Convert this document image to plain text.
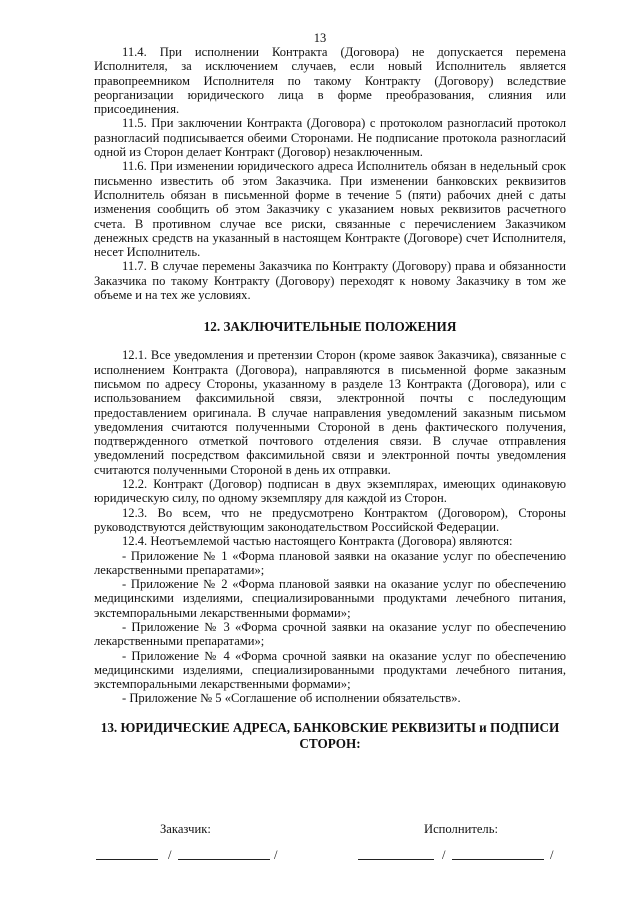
13

11.4. При исполнении Контракта (Договора) не допускается перемена Исполнителя, за исключением случаев, если новый Исполнитель является правопреемником Исполнителя по такому Контракту (Договору) вследствие реорганизации юридического лица в форме преобразования, слияния или присоединения.

11.5. При заключении Контракта (Договора) с протоколом разногласий протокол разногласий подписывается обеими Сторонами. Не подписание протокола разногласий одной из Сторон делает Контракт (Договор) незаключенным.

11.6. При изменении юридического адреса Исполнитель обязан в недельный срок письменно известить об этом Заказчика. При изменении банковских реквизитов Исполнитель обязан в письменной форме в течение 5 (пяти) рабочих дней с даты изменения сообщить об этом Заказчику с указанием новых реквизитов расчетного счета. В противном случае все риски, связанные с перечислением Заказчиком денежных средств на указанный в настоящем Контракте (Договоре) счет Исполнителя, несет Исполнитель.

11.7. В случае перемены Заказчика по Контракту (Договору) права и обязанности Заказчика по такому Контракту (Договору) переходят к новому Заказчику в том же объеме и на тех же условиях.

12. ЗАКЛЮЧИТЕЛЬНЫЕ ПОЛОЖЕНИЯ

12.1. Все уведомления и претензии Сторон (кроме заявок Заказчика), связанные с исполнением Контракта (Договора), направляются в письменной форме заказным письмом по адресу Стороны, указанному в разделе 13 Контракта (Договора), или с использованием факсимильной связи, электронной почты с последующим предоставлением оригинала. В случае направления уведомлений заказным письмом уведомления считаются полученными Стороной в день фактического получения, подтвержденного отметкой почтового отделения связи. В случае отправления уведомлений посредством факсимильной связи и электронной почты уведомления считаются полученными Стороной в день их отправки.

12.2. Контракт (Договор) подписан в двух экземплярах, имеющих одинаковую юридическую силу, по одному экземпляру для каждой из Сторон.

12.3. Во всем, что не предусмотрено Контрактом (Договором), Стороны руководствуются действующим законодательством Российской Федерации.

12.4. Неотъемлемой частью настоящего Контракта (Договора) являются:

- Приложение № 1 «Форма плановой заявки на оказание услуг по обеспечению лекарственными препаратами»;

- Приложение № 2 «Форма плановой заявки на оказание услуг по обеспечению медицинскими изделиями, специализированными продуктами лечебного питания, экстемпоральными лекарственными формами»;

- Приложение № 3 «Форма срочной заявки на оказание услуг по обеспечению лекарственными препаратами»;

- Приложение № 4 «Форма срочной заявки на оказание услуг по обеспечению медицинскими изделиями, специализированными продуктами лечебного питания, экстемпоральными лекарственными формами»;

- Приложение № 5 «Соглашение об исполнении обязательств».

13. ЮРИДИЧЕСКИЕ АДРЕСА, БАНКОВСКИЕ РЕКВИЗИТЫ и ПОДПИСИ
СТОРОН:
Заказчик:	Исполнитель:
/	/	/	/
